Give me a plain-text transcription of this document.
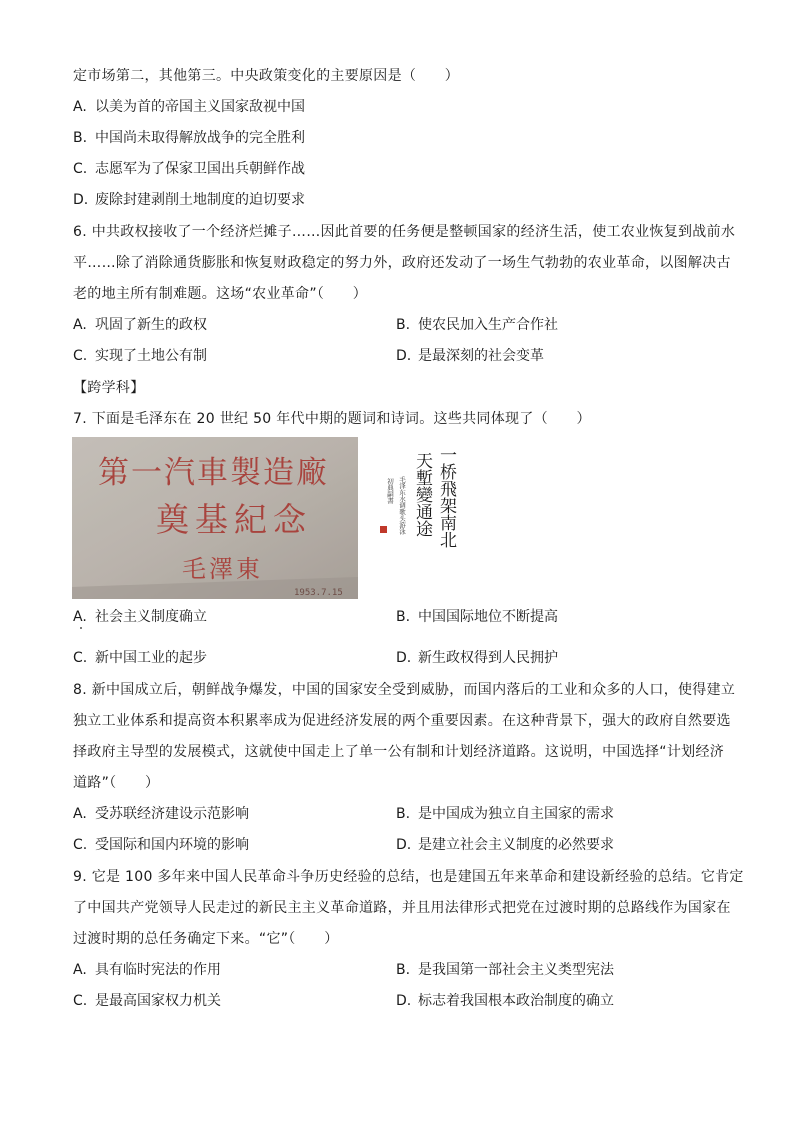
定市场第二，其他第三。中央政策变化的主要原因是（　　）
A. 以美为首的帝国主义国家敌视中国
B. 中国尚未取得解放战争的完全胜利
C. 志愿军为了保家卫国出兵朝鲜作战
D. 废除封建剥削土地制度的迫切要求
6. 中共政权接收了一个经济烂摊子……因此首要的任务便是整顿国家的经济生活，使工农业恢复到战前水
平……除了消除通货膨胀和恢复财政稳定的努力外，政府还发动了一场生气勃勃的农业革命，以图解决古
老的地主所有制难题。这场“农业革命”（　　）
A. 巩固了新生的政权	B. 使农民加入生产合作社
C. 实现了土地公有制	D. 是最深刻的社会变革
【跨学科】
7. 下面是毛泽东在 20 世纪 50 年代中期的题词和诗词。这些共同体现了（　　）
第一汽車製造廠
奠基紀念
毛澤東
1953.7.15
一桥飛架南北
天塹變通途
毛泽东水调歌头游泳
初典嗣書
A. 社会主义制度确立	B. 中国国际地位不断提高
C. 新中国工业的起步	D. 新生政权得到人民拥护
8. 新中国成立后，朝鲜战争爆发，中国的国家安全受到威胁，而国内落后的工业和众多的人口，使得建立
独立工业体系和提高资本积累率成为促进经济发展的两个重要因素。在这种背景下，强大的政府自然要选
择政府主导型的发展模式，这就使中国走上了单一公有制和计划经济道路。这说明，中国选择“计划经济
道路”（　　）
A. 受苏联经济建设示范影响	B. 是中国成为独立自主国家的需求
C. 受国际和国内环境的影响	D. 是建立社会主义制度的必然要求
9. 它是 100 多年来中国人民革命斗争历史经验的总结，也是建国五年来革命和建设新经验的总结。它肯定
了中国共产党领导人民走过的新民主主义革命道路，并且用法律形式把党在过渡时期的总路线作为国家在
过渡时期的总任务确定下来。“它”（　　）
A. 具有临时宪法的作用	B. 是我国第一部社会主义类型宪法
C. 是最高国家权力机关	D. 标志着我国根本政治制度的确立
